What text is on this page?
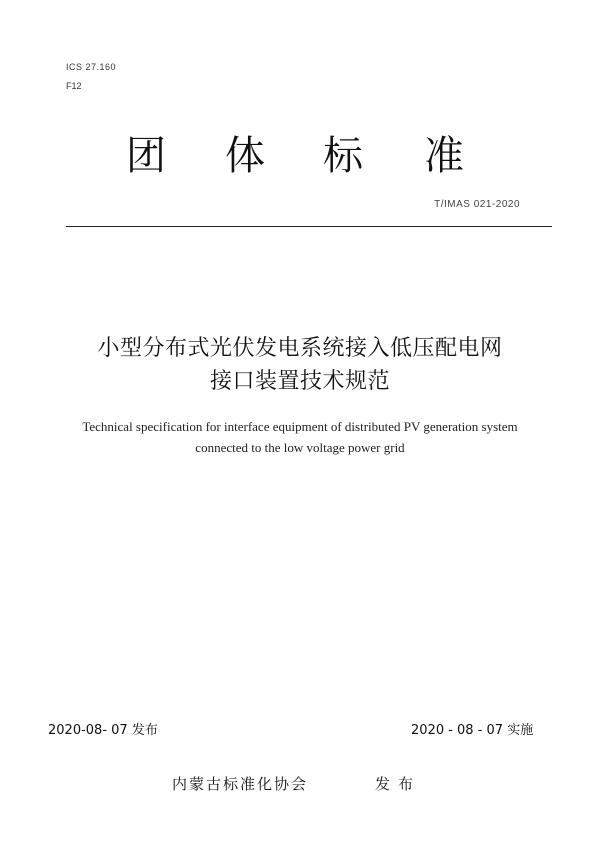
ICS 27.160
F12
团 体 标 准
T/IMAS 021-2020
小型分布式光伏发电系统接入低压配电网
接口装置技术规范
Technical specification for interface equipment of distributed PV generation system
connected to the low voltage power grid
2020-08- 07 发布	2020 - 08 - 07 实施
内蒙古标准化协会	发布
